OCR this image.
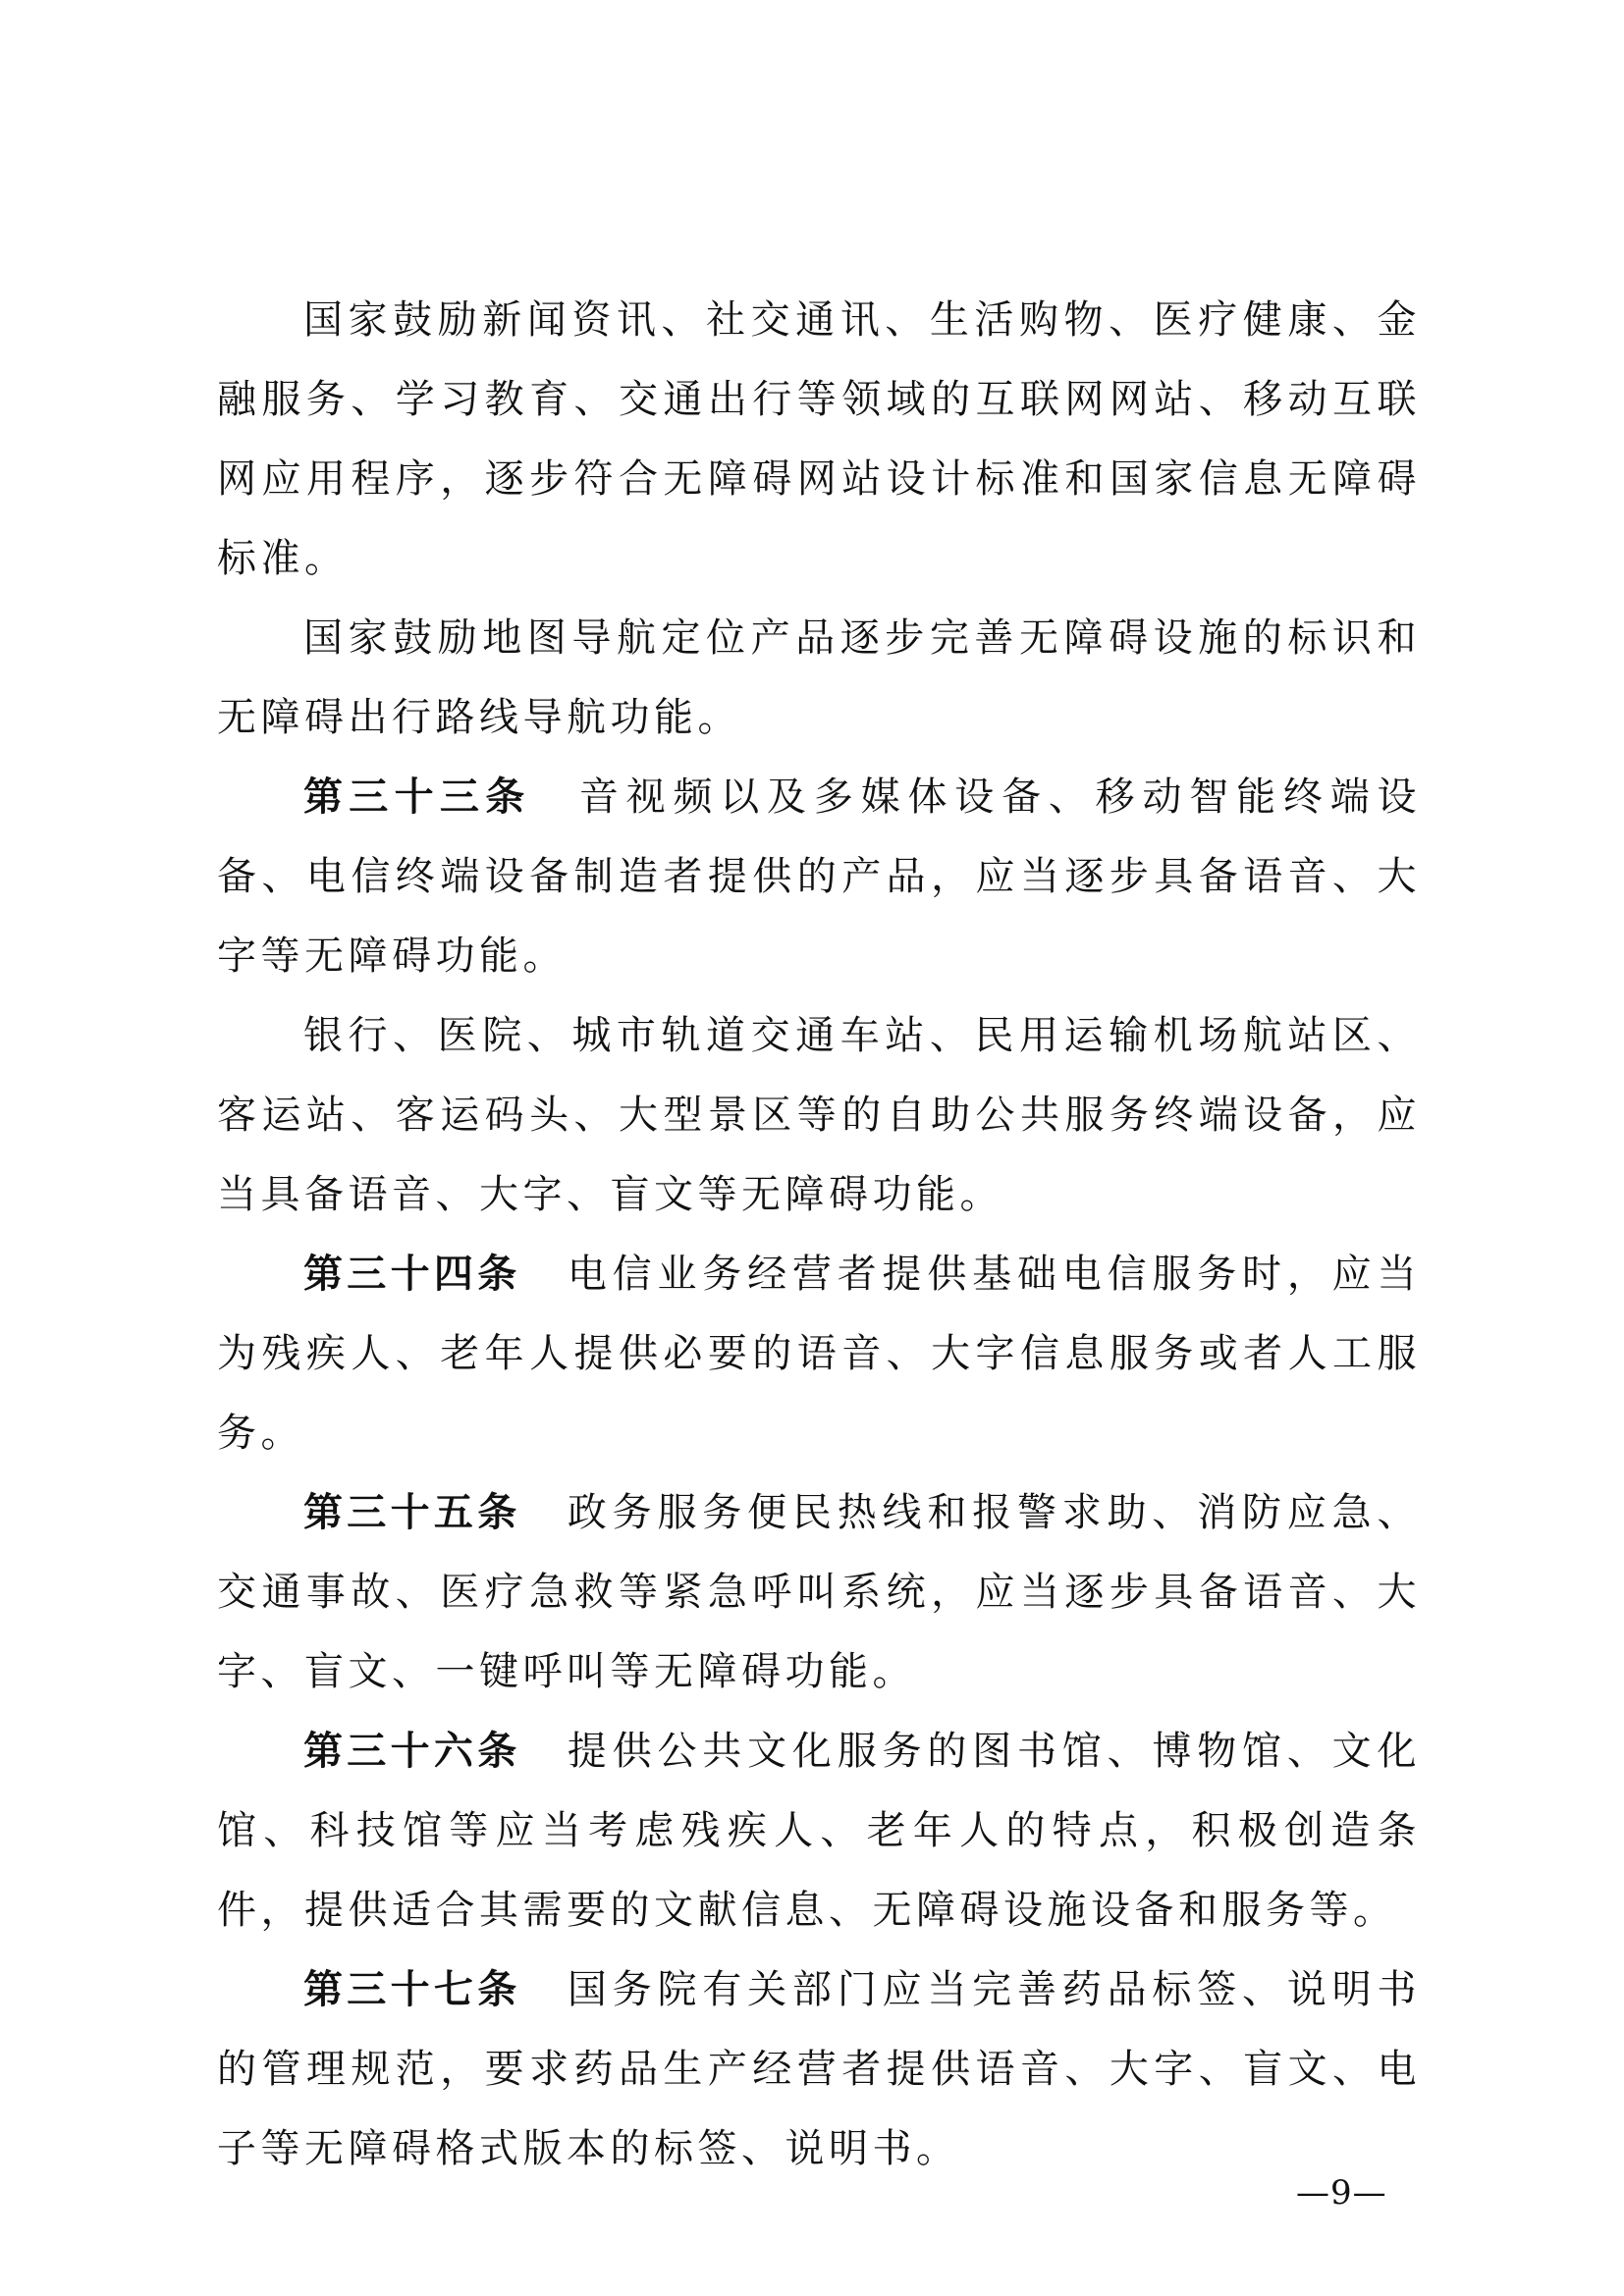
国家鼓励新闻资讯、社交通讯、生活购物、医疗健康、金融服务、学习教育、交通出行等领域的互联网网站、移动互联网应用程序，逐步符合无障碍网站设计标准和国家信息无障碍标准。

国家鼓励地图导航定位产品逐步完善无障碍设施的标识和无障碍出行路线导航功能。

第三十三条 音视频以及多媒体设备、移动智能终端设备、电信终端设备制造者提供的产品，应当逐步具备语音、大字等无障碍功能。

银行、医院、城市轨道交通车站、民用运输机场航站区、客运站、客运码头、大型景区等的自助公共服务终端设备，应当具备语音、大字、盲文等无障碍功能。

第三十四条 电信业务经营者提供基础电信服务时，应当为残疾人、老年人提供必要的语音、大字信息服务或者人工服务。

第三十五条 政务服务便民热线和报警求助、消防应急、交通事故、医疗急救等紧急呼叫系统，应当逐步具备语音、大字、盲文、一键呼叫等无障碍功能。

第三十六条 提供公共文化服务的图书馆、博物馆、文化馆、科技馆等应当考虑残疾人、老年人的特点，积极创造条件，提供适合其需要的文献信息、无障碍设施设备和服务等。

第三十七条 国务院有关部门应当完善药品标签、说明书的管理规范，要求药品生产经营者提供语音、大字、盲文、电子等无障碍格式版本的标签、说明书。

—9—
